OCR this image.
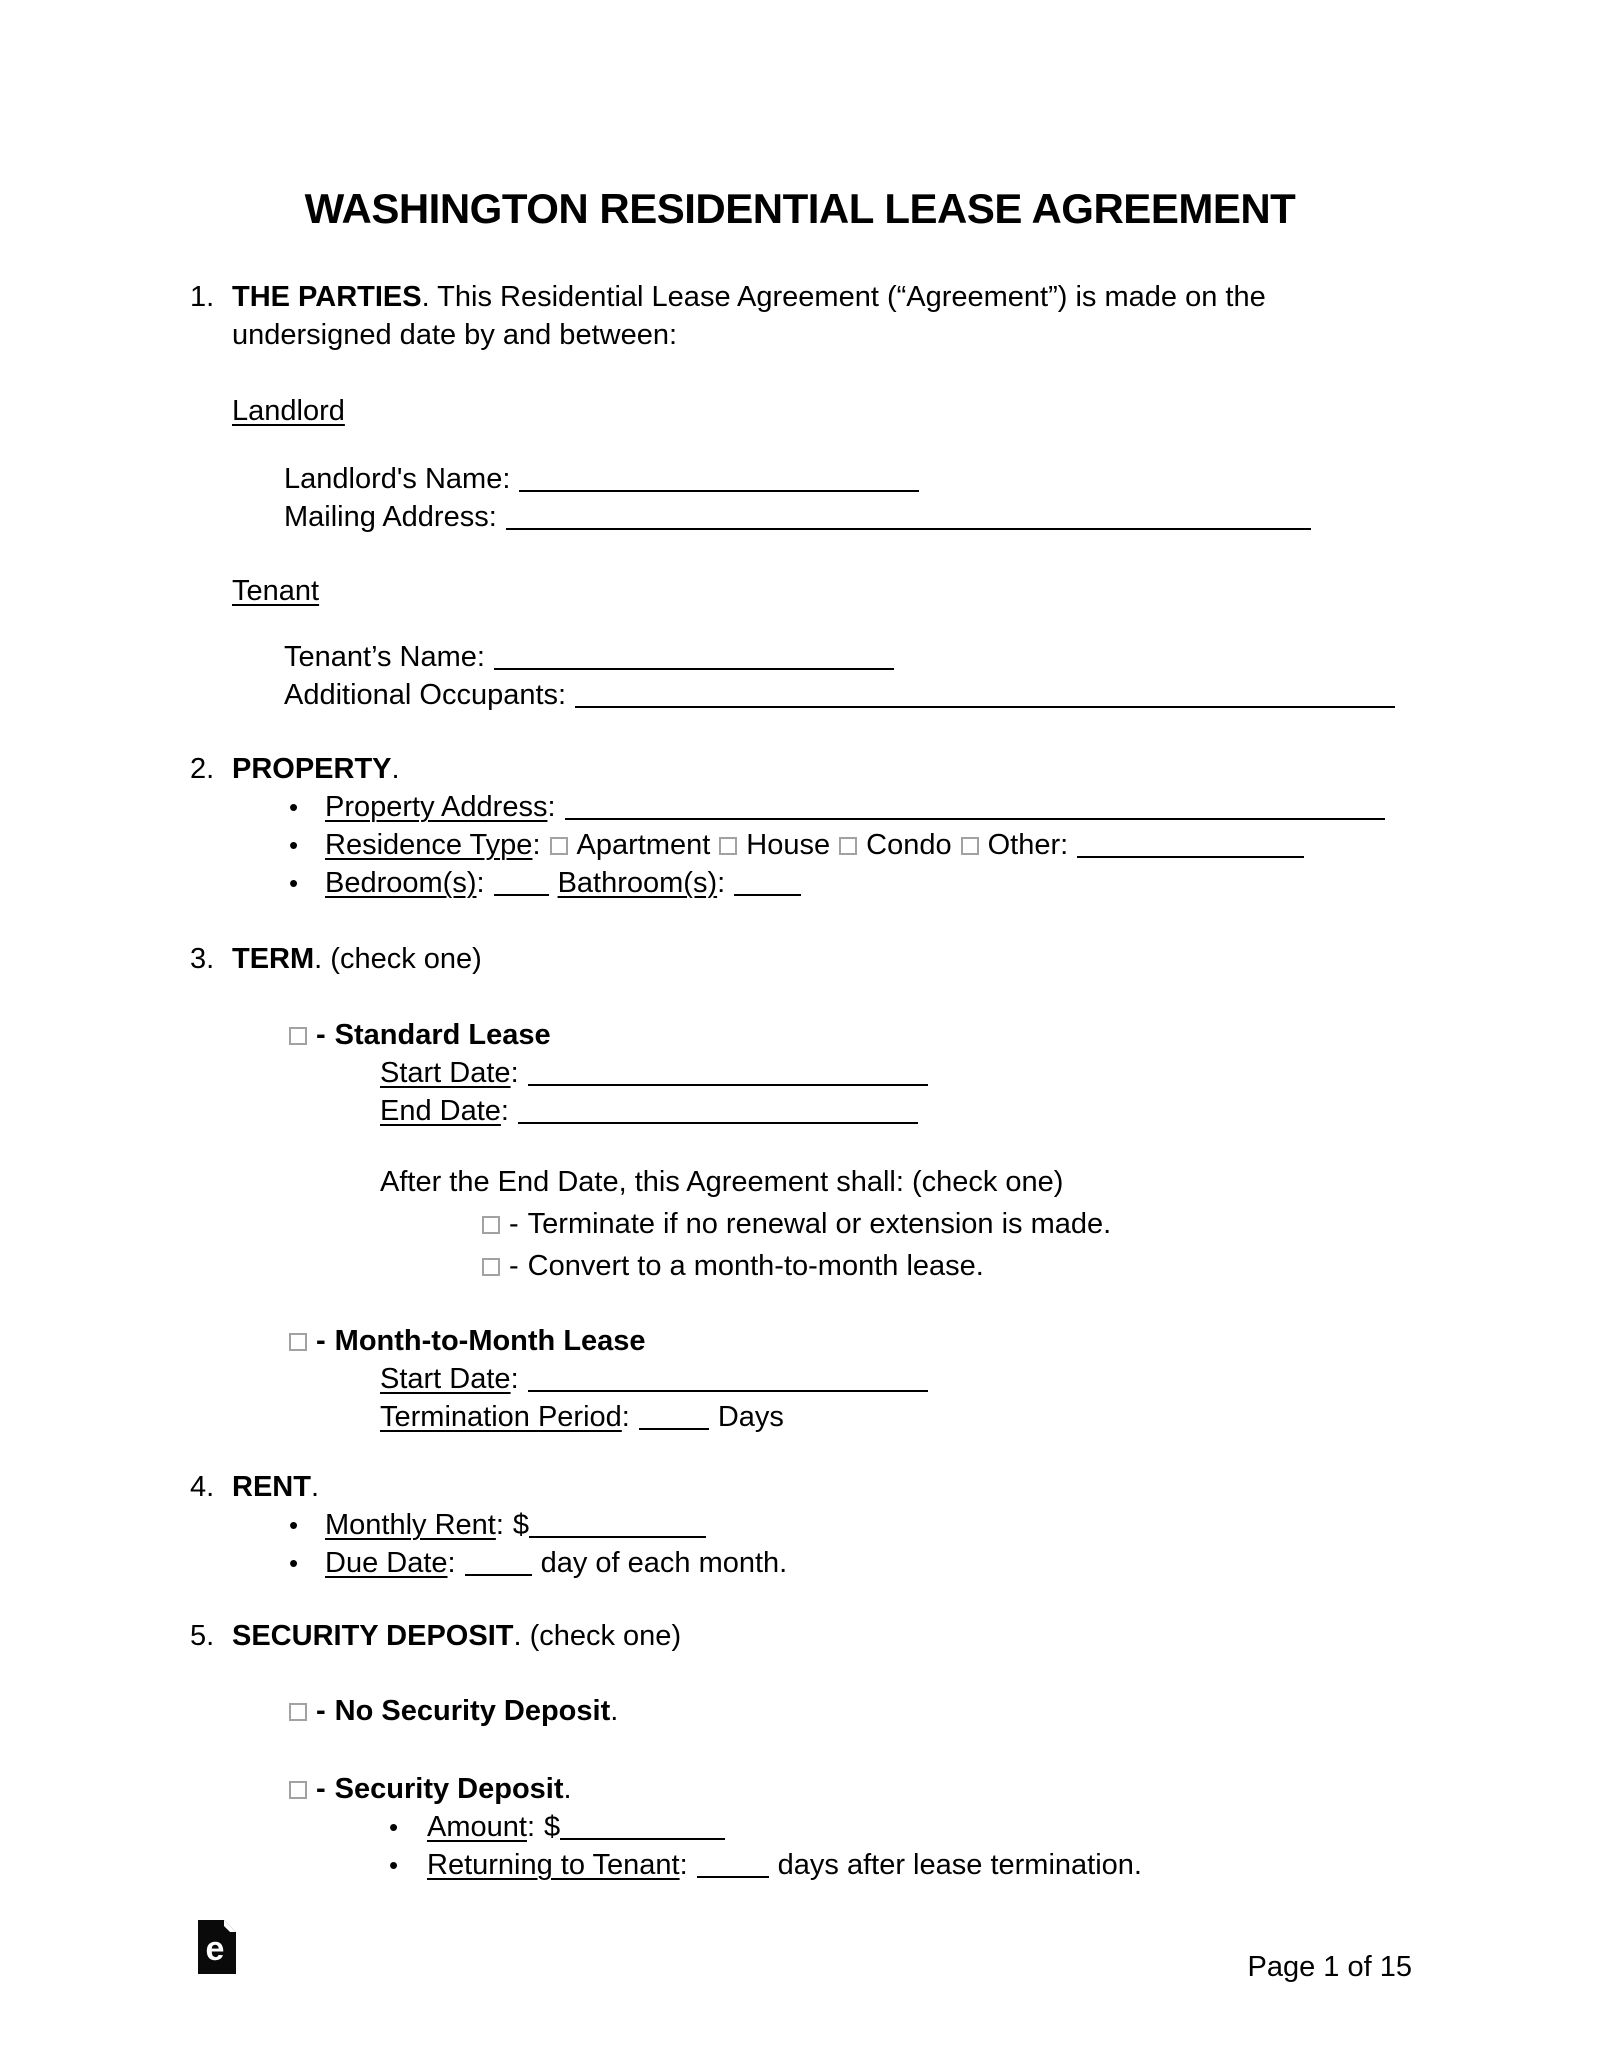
WASHINGTON RESIDENTIAL LEASE AGREEMENT
1. THE PARTIES. This Residential Lease Agreement (“Agreement”) is made on the
undersigned date by and between:
Landlord
Landlord's Name:
Mailing Address:
Tenant
Tenant’s Name:
Additional Occupants:
2. PROPERTY.
• Property Address:
• Residence Type: Apartment House Condo Other:
• Bedroom(s):	Bathroom(s):
3. TERM. (check one)
- Standard Lease
Start Date:
End Date:
After the End Date, this Agreement shall: (check one)
- Terminate if no renewal or extension is made.
- Convert to a month-to-month lease.
- Month-to-Month Lease
Start Date:
Termination Period:	Days
4. RENT.
• Monthly Rent: $
• Due Date:	day of each month.
5. SECURITY DEPOSIT. (check one)
- No Security Deposit.
- Security Deposit.
• Amount: $
• Returning to Tenant:	days after lease termination.
e	Page 1 of 15
